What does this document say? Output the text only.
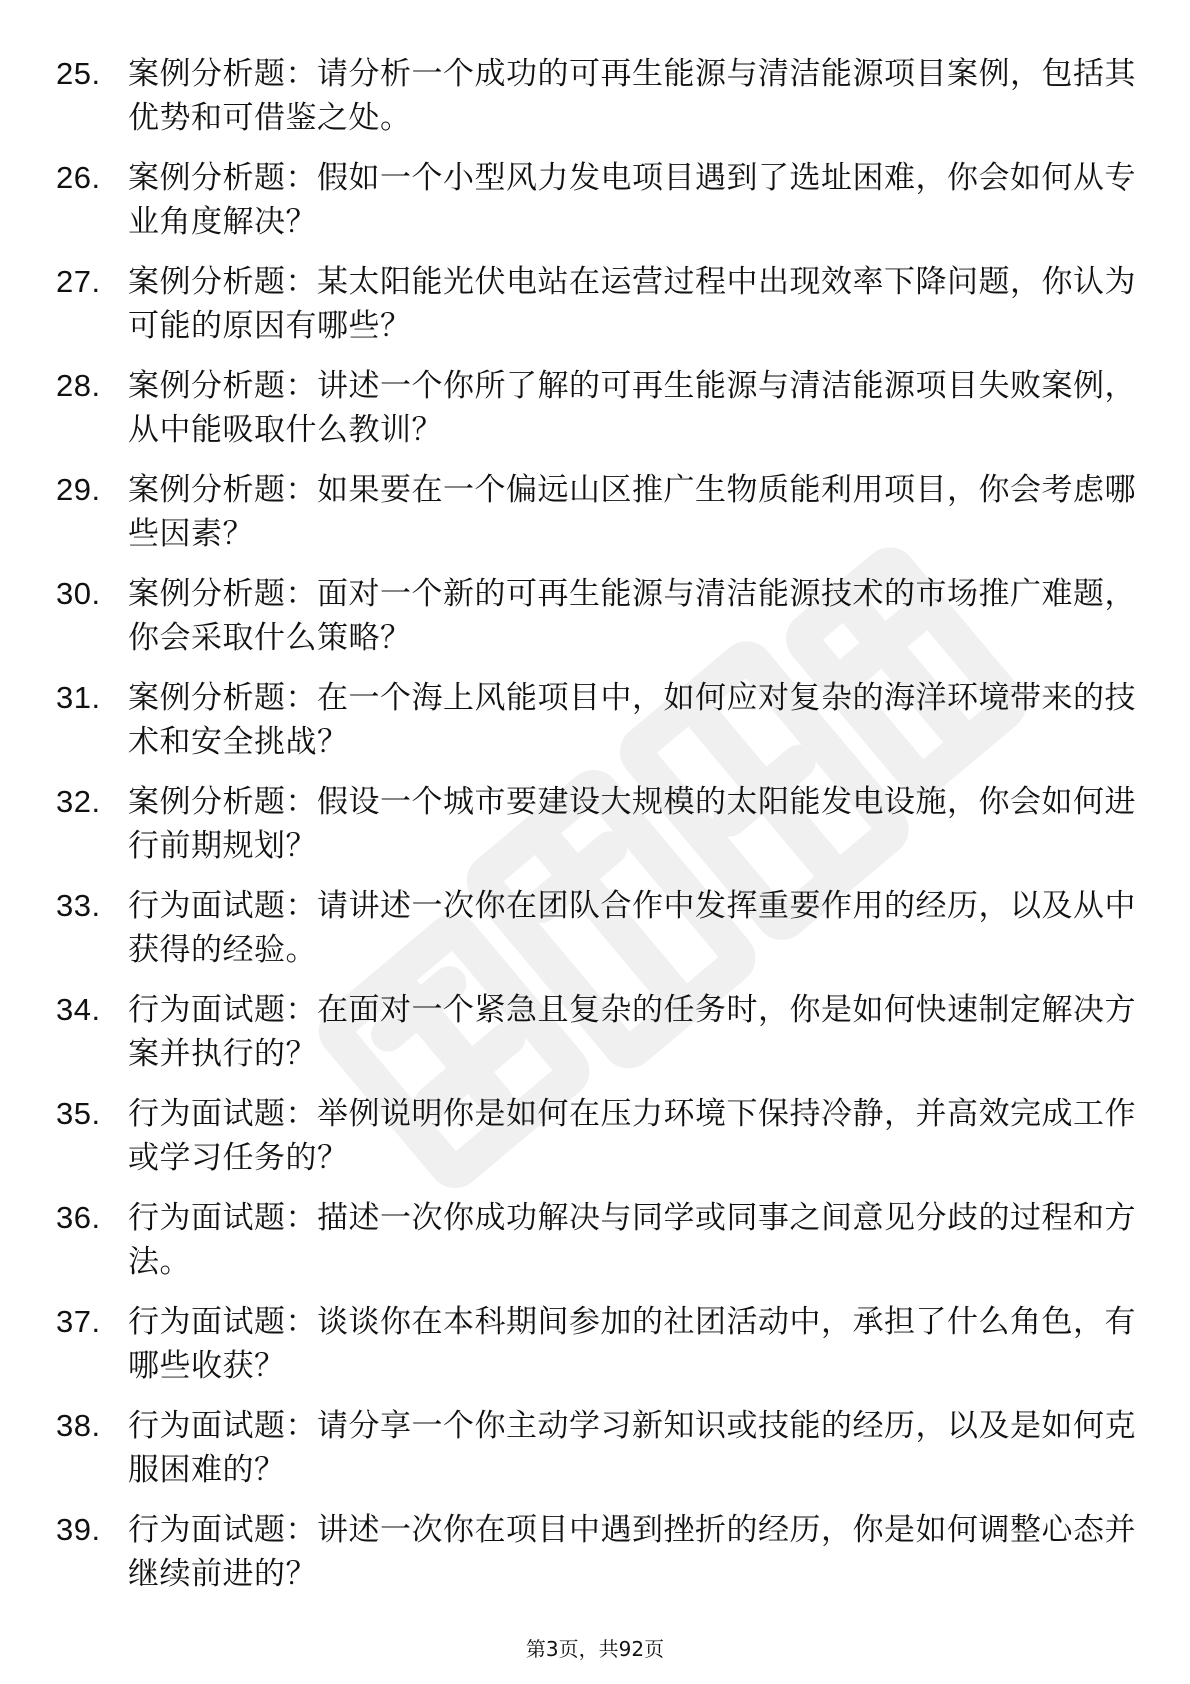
25. 案例分析题：请分析一个成功的可再生能源与清洁能源项目案例，包括其优势和可借鉴之处。
26. 案例分析题：假如一个小型风力发电项目遇到了选址困难，你会如何从专业角度解决？
27. 案例分析题：某太阳能光伏电站在运营过程中出现效率下降问题，你认为可能的原因有哪些？
28. 案例分析题：讲述一个你所了解的可再生能源与清洁能源项目失败案例，从中能吸取什么教训？
29. 案例分析题：如果要在一个偏远山区推广生物质能利用项目，你会考虑哪些因素？
30. 案例分析题：面对一个新的可再生能源与清洁能源技术的市场推广难题，你会采取什么策略？
31. 案例分析题：在一个海上风能项目中，如何应对复杂的海洋环境带来的技术和安全挑战？
32. 案例分析题：假设一个城市要建设大规模的太阳能发电设施，你会如何进行前期规划？
33. 行为面试题：请讲述一次你在团队合作中发挥重要作用的经历，以及从中获得的经验。
34. 行为面试题：在面对一个紧急且复杂的任务时，你是如何快速制定解决方案并执行的？
35. 行为面试题：举例说明你是如何在压力环境下保持冷静，并高效完成工作或学习任务的？
36. 行为面试题：描述一次你成功解决与同学或同事之间意见分歧的过程和方法。
37. 行为面试题：谈谈你在本科期间参加的社团活动中，承担了什么角色，有哪些收获？
38. 行为面试题：请分享一个你主动学习新知识或技能的经历，以及是如何克服困难的？
39. 行为面试题：讲述一次你在项目中遇到挫折的经历，你是如何调整心态并继续前进的？
第3页，共92页
